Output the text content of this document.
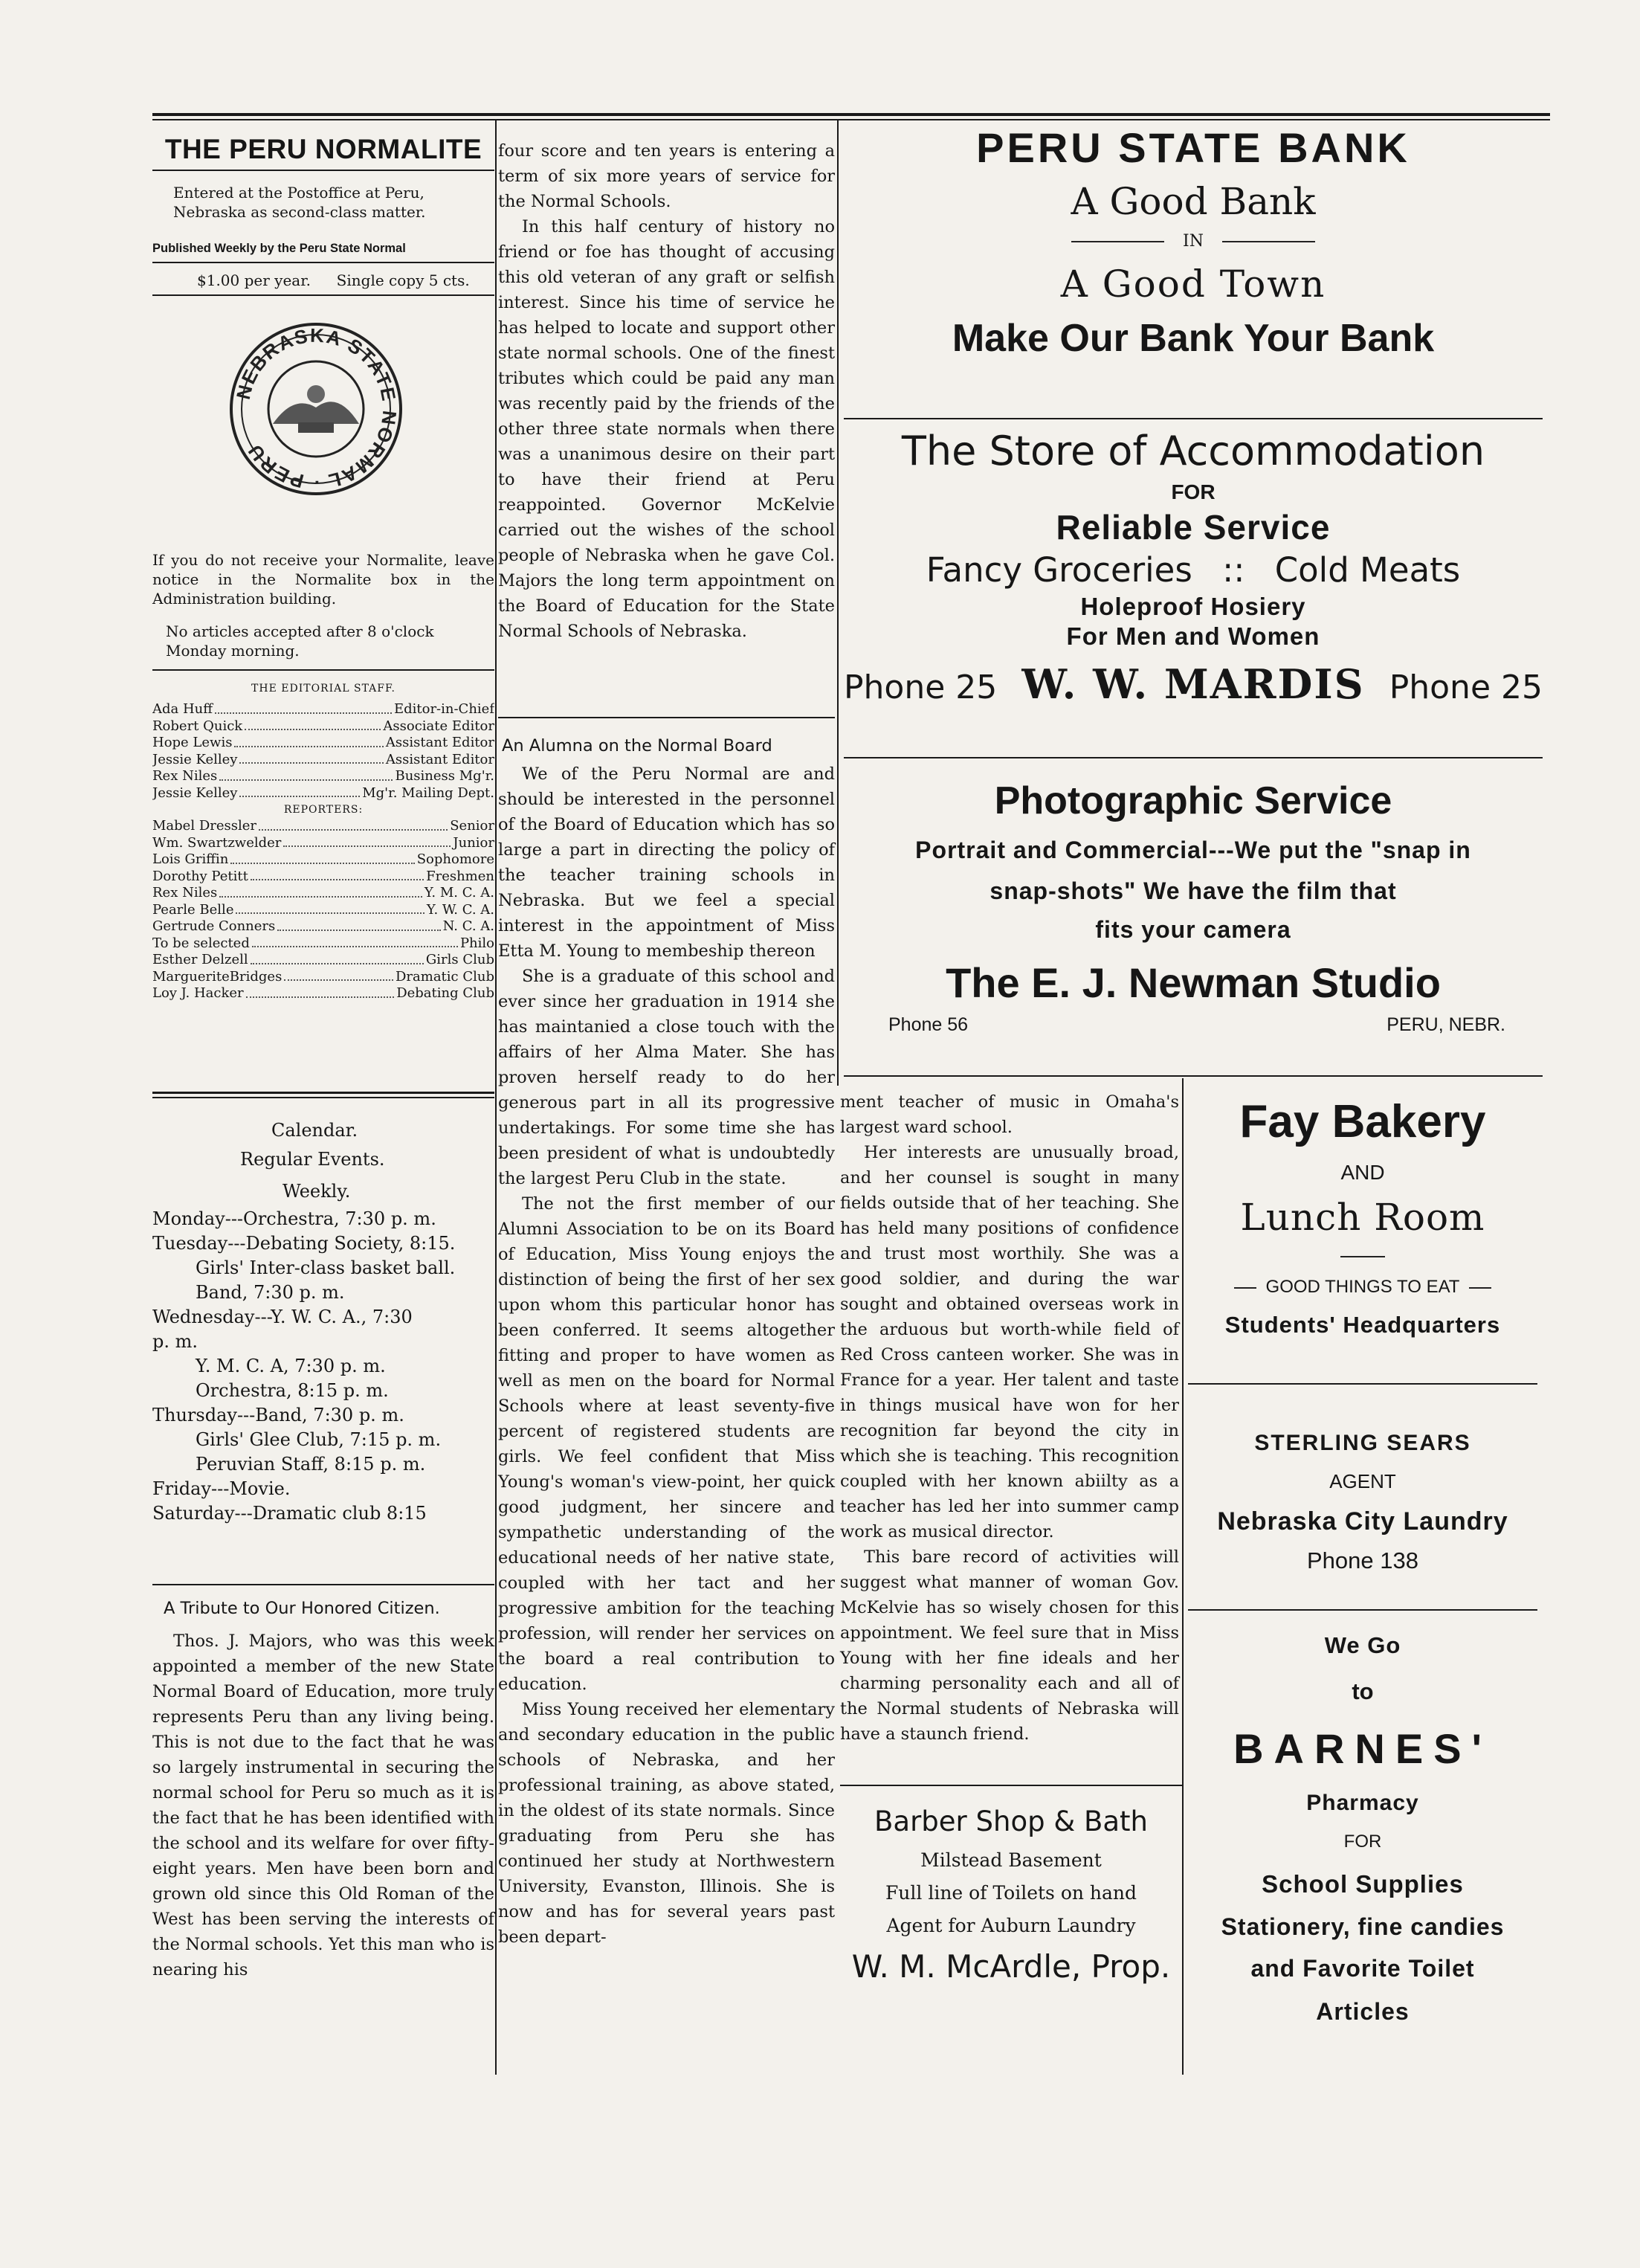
THE PERU NORMALITE
Entered at the Postoffice at Peru, Nebraska as second-class matter.
Published Weekly by the Peru State Normal
$1.00 per year. Single copy 5 cts.
NEBRASKA STATE NORMAL · PERU
If you do not receive your Normalite, leave notice in the Normalite box in the Administration building.
No articles accepted after 8 o'clock Monday morning.
THE EDITORIAL STAFF.
Ada Huff	Editor-in-Chief
Robert Quick	Associate Editor
Hope Lewis	Assistant Editor
Jessie Kelley	Assistant Editor
Rex Niles	Business Mg'r.
Jessie Kelley	Mg'r. Mailing Dept.
REPORTERS:
Mabel Dressler	Senior
Wm. Swartzwelder	Junior
Lois Griffin	Sophomore
Dorothy Petitt	Freshmen
Rex Niles	Y. M. C. A.
Pearle Belle	Y. W. C. A.
Gertrude Conners	N. C. A.
To be selected	Philo
Esther Delzell	Girls Club
MargueriteBridges	Dramatic Club
Loy J. Hacker	Debating Club
Calendar.
Regular Events.
Weekly.
Monday---Orchestra, 7:30 p. m.
Tuesday---Debating Society, 8:15.
Girls' Inter-class basket ball.
Band, 7:30 p. m.
Wednesday---Y. W. C. A., 7:30
p. m.
Y. M. C. A, 7:30 p. m.
Orchestra, 8:15 p. m.
Thursday---Band, 7:30 p. m.
Girls' Glee Club, 7:15 p. m.
Peruvian Staff, 8:15 p. m.
Friday---Movie.
Saturday---Dramatic club 8:15
A Tribute to Our Honored Citizen.
Thos. J. Majors, who was this week appointed a member of the new State Normal Board of Education, more truly represents Peru than any living being. This is not due to the fact that he was so largely instrumental in securing the normal school for Peru so much as it is the fact that he has been identified with the school and its welfare for over fifty-eight years. Men have been born and grown old since this Old Roman of the West has been serving the interests of the Normal schools. Yet this man who is nearing his
four score and ten years is entering a term of six more years of service for the Normal Schools.
In this half century of history no friend or foe has thought of accusing this old veteran of any graft or selfish interest. Since his time of service he has helped to locate and support other state normal schools. One of the finest tributes which could be paid any man was recently paid by the friends of the other three state normals when there was a unanimous desire on their part to have their friend at Peru reappointed. Governor McKelvie carried out the wishes of the school people of Nebraska when he gave Col. Majors the long term appointment on the Board of Education for the State Normal Schools of Nebraska.
An Alumna on the Normal Board
We of the Peru Normal are and should be interested in the personnel of the Board of Education which has so large a part in directing the policy of the teacher training schools in Nebraska. But we feel a special interest in the appointment of Miss Etta M. Young to membeship thereon
She is a graduate of this school and ever since her graduation in 1914 she has maintanied a close touch with the affairs of her Alma Mater. She has proven herself ready to do her generous part in all its progressive undertakings. For some time she has been president of what is undoubtedly the largest Peru Club in the state.
The not the first member of our Alumni Association to be on its Board of Education, Miss Young enjoys the distinction of being the first of her sex upon whom this particular honor has been conferred. It seems altogether fitting and proper to have women as well as men on the board for Normal Schools where at least seventy-five percent of registered students are girls. We feel confident that Miss Young's woman's view-point, her quick good judgment, her sincere and sympathetic understanding of the educational needs of her native state, coupled with her tact and her progressive ambition for the teaching profession, will render her services on the board a real contribution to education.
Miss Young received her elementary and secondary education in the public schools of Nebraska, and her professional training, as above stated, in the oldest of its state normals. Since graduating from Peru she has continued her study at Northwestern University, Evanston, Illinois. She is now and has for several years past been depart-
ment teacher of music in Omaha's largest ward school.
Her interests are unusually broad, and her counsel is sought in many fields outside that of her teaching. She has held many positions of confidence and trust most worthily. She was a good soldier, and during the war sought and obtained overseas work in the arduous but worth-while field of Red Cross canteen worker. She was in France for a year. Her talent and taste in things musical have won for her recognition far beyond the city in which she is teaching. This recognition coupled with her known abiilty as a teacher has led her into summer camp work as musical director.
This bare record of activities will suggest what manner of woman Gov. McKelvie has so wisely chosen for this appointment. We feel sure that in Miss Young with her fine ideals and her charming personality each and all of the Normal students of Nebraska will have a staunch friend.
PERU STATE BANK
A Good Bank
IN
A Good Town
Make Our Bank Your Bank
The Store of Accommodation
FOR
Reliable Service
Fancy Groceries :: Cold Meats
Holeproof Hosiery
For Men and Women
Phone 25 W. W. MARDIS Phone 25
Photographic Service
Portrait and Commercial---We put the "snap in
snap-shots" We have the film that
fits your camera
The E. J. Newman Studio
Phone 56	PERU, NEBR.
Fay Bakery
AND
Lunch Room
GOOD THINGS TO EAT
Students' Headquarters
STERLING SEARS
AGENT
Nebraska City Laundry
Phone 138
We Go
to
BARNES'
Pharmacy
FOR
School Supplies
Stationery, fine candies
and Favorite Toilet
Articles
Barber Shop & Bath
Milstead Basement
Full line of Toilets on hand
Agent for Auburn Laundry
W. M. McArdle, Prop.
